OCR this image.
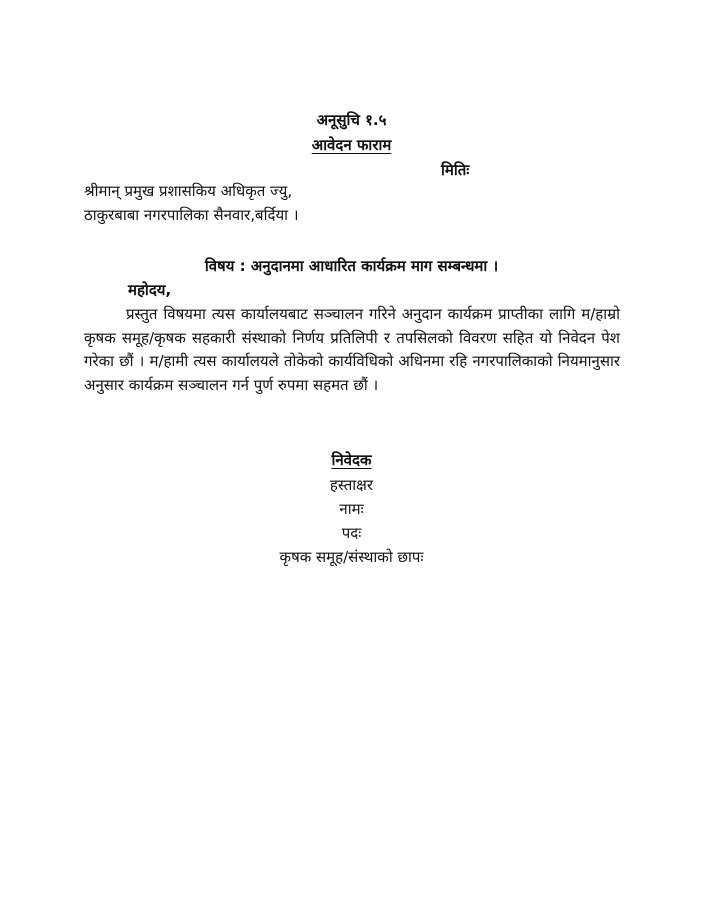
अनूसुचि १.५
आवेदन फाराम
मितिः
श्रीमान् प्रमुख प्रशासकिय अधिकृत ज्यु,
ठाकुरबाबा नगरपालिका सैनवार,बर्दिया ।
विषय : अनुदानमा आधारित कार्यक्रम माग सम्बन्धमा ।
महोदय,
प्रस्तुत विषयमा त्यस कार्यालयबाट सञ्चालन गरिने अनुदान कार्यक्रम प्राप्तीका लागि म/हाम्रो कृषक समूह/कृषक सहकारी संस्थाको निर्णय प्रतिलिपी र तपसिलको विवरण सहित यो निवेदन पेश गरेका छौं । म/हामी त्यस कार्यालयले तोकेको कार्यविधिको अधिनमा रहि नगरपालिकाको नियमानुसार अनुसार कार्यक्रम सञ्चालन गर्न पुर्ण रुपमा सहमत छौं ।
निवेदक
हस्ताक्षर
नामः
पदः
कृषक समूह/संस्थाको छापः
